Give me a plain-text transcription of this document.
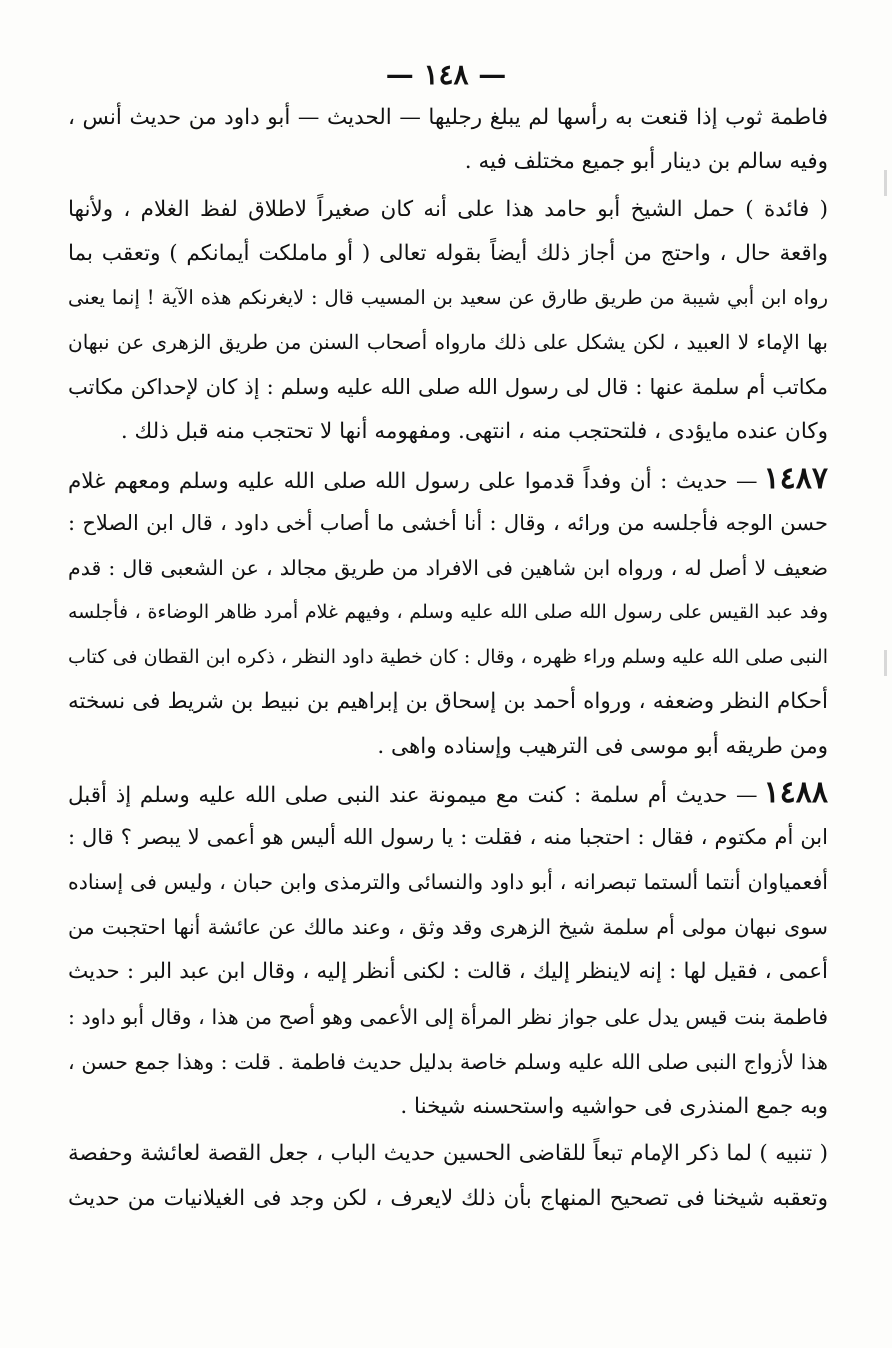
— ١٤٨ —
فاطمة ثوب إذا قنعت به رأسها لم يبلغ رجليها — الحديث — أبو داود من حديث أنس ،
وفيه سالم بن دينار أبو جميع مختلف فيه .
( فائدة ) حمل الشيخ أبو حامد هذا على أنه كان صغيراً لاطلاق لفظ الغلام ، ولأنها
واقعة حال ، واحتج من أجاز ذلك أيضاً بقوله تعالى ( أو ماملكت أيمانكم ) وتعقب بما
رواه ابن أبي شيبة من طريق طارق عن سعيد بن المسيب قال : لايغرنكم هذه الآية ! إنما يعنى
بها الإماء لا العبيد ، لكن يشكل على ذلك مارواه أصحاب السنن من طريق الزهرى عن نبهان
مكاتب أم سلمة عنها : قال لى رسول الله صلى الله عليه وسلم : إذ كان لإحداكن مكاتب
وكان عنده مايؤدى ، فلتحتجب منه ، انتهى. ومفهومه أنها لا تحتجب منه قبل ذلك .
١٤٨٧— حديث : أن وفداً قدموا على رسول الله صلى الله عليه وسلم ومعهم غلام
حسن الوجه فأجلسه من ورائه ، وقال : أنا أخشى ما أصاب أخى داود ، قال ابن الصلاح :
ضعيف لا أصل له ، ورواه ابن شاهين فى الافراد من طريق مجالد ، عن الشعبى قال : قدم
وفد عبد القيس على رسول الله صلى الله عليه وسلم ، وفيهم غلام أمرد ظاهر الوضاءة ، فأجلسه
النبى صلى الله عليه وسلم وراء ظهره ، وقال : كان خطية داود النظر ، ذكره ابن القطان فى كتاب
أحكام النظر وضعفه ، ورواه أحمد بن إسحاق بن إبراهيم بن نبيط بن شريط فى نسخته
ومن طريقه أبو موسى فى الترهيب وإسناده واهى .
١٤٨٨— حديث أم سلمة : كنت مع ميمونة عند النبى صلى الله عليه وسلم إذ أقبل
ابن أم مكتوم ، فقال : احتجبا منه ، فقلت : يا رسول الله أليس هو أعمى لا يبصر ؟ قال :
أفعمياوان أنتما ألستما تبصرانه ، أبو داود والنسائى والترمذى وابن حبان ، وليس فى إسناده
سوى نبهان مولى أم سلمة شيخ الزهرى وقد وثق ، وعند مالك عن عائشة أنها احتجبت من
أعمى ، فقيل لها : إنه لاينظر إليك ، قالت : لكنى أنظر إليه ، وقال ابن عبد البر : حديث
فاطمة بنت قيس يدل على جواز نظر المرأة إلى الأعمى وهو أصح من هذا ، وقال أبو داود :
هذا لأزواج النبى صلى الله عليه وسلم خاصة بدليل حديث فاطمة . قلت : وهذا جمع حسن ،
وبه جمع المنذرى فى حواشيه واستحسنه شيخنا .
( تنبيه ) لما ذكر الإمام تبعاً للقاضى الحسين حديث الباب ، جعل القصة لعائشة وحفصة
وتعقبه شيخنا فى تصحيح المنهاج بأن ذلك لايعرف ، لكن وجد فى الغيلانيات من حديث
